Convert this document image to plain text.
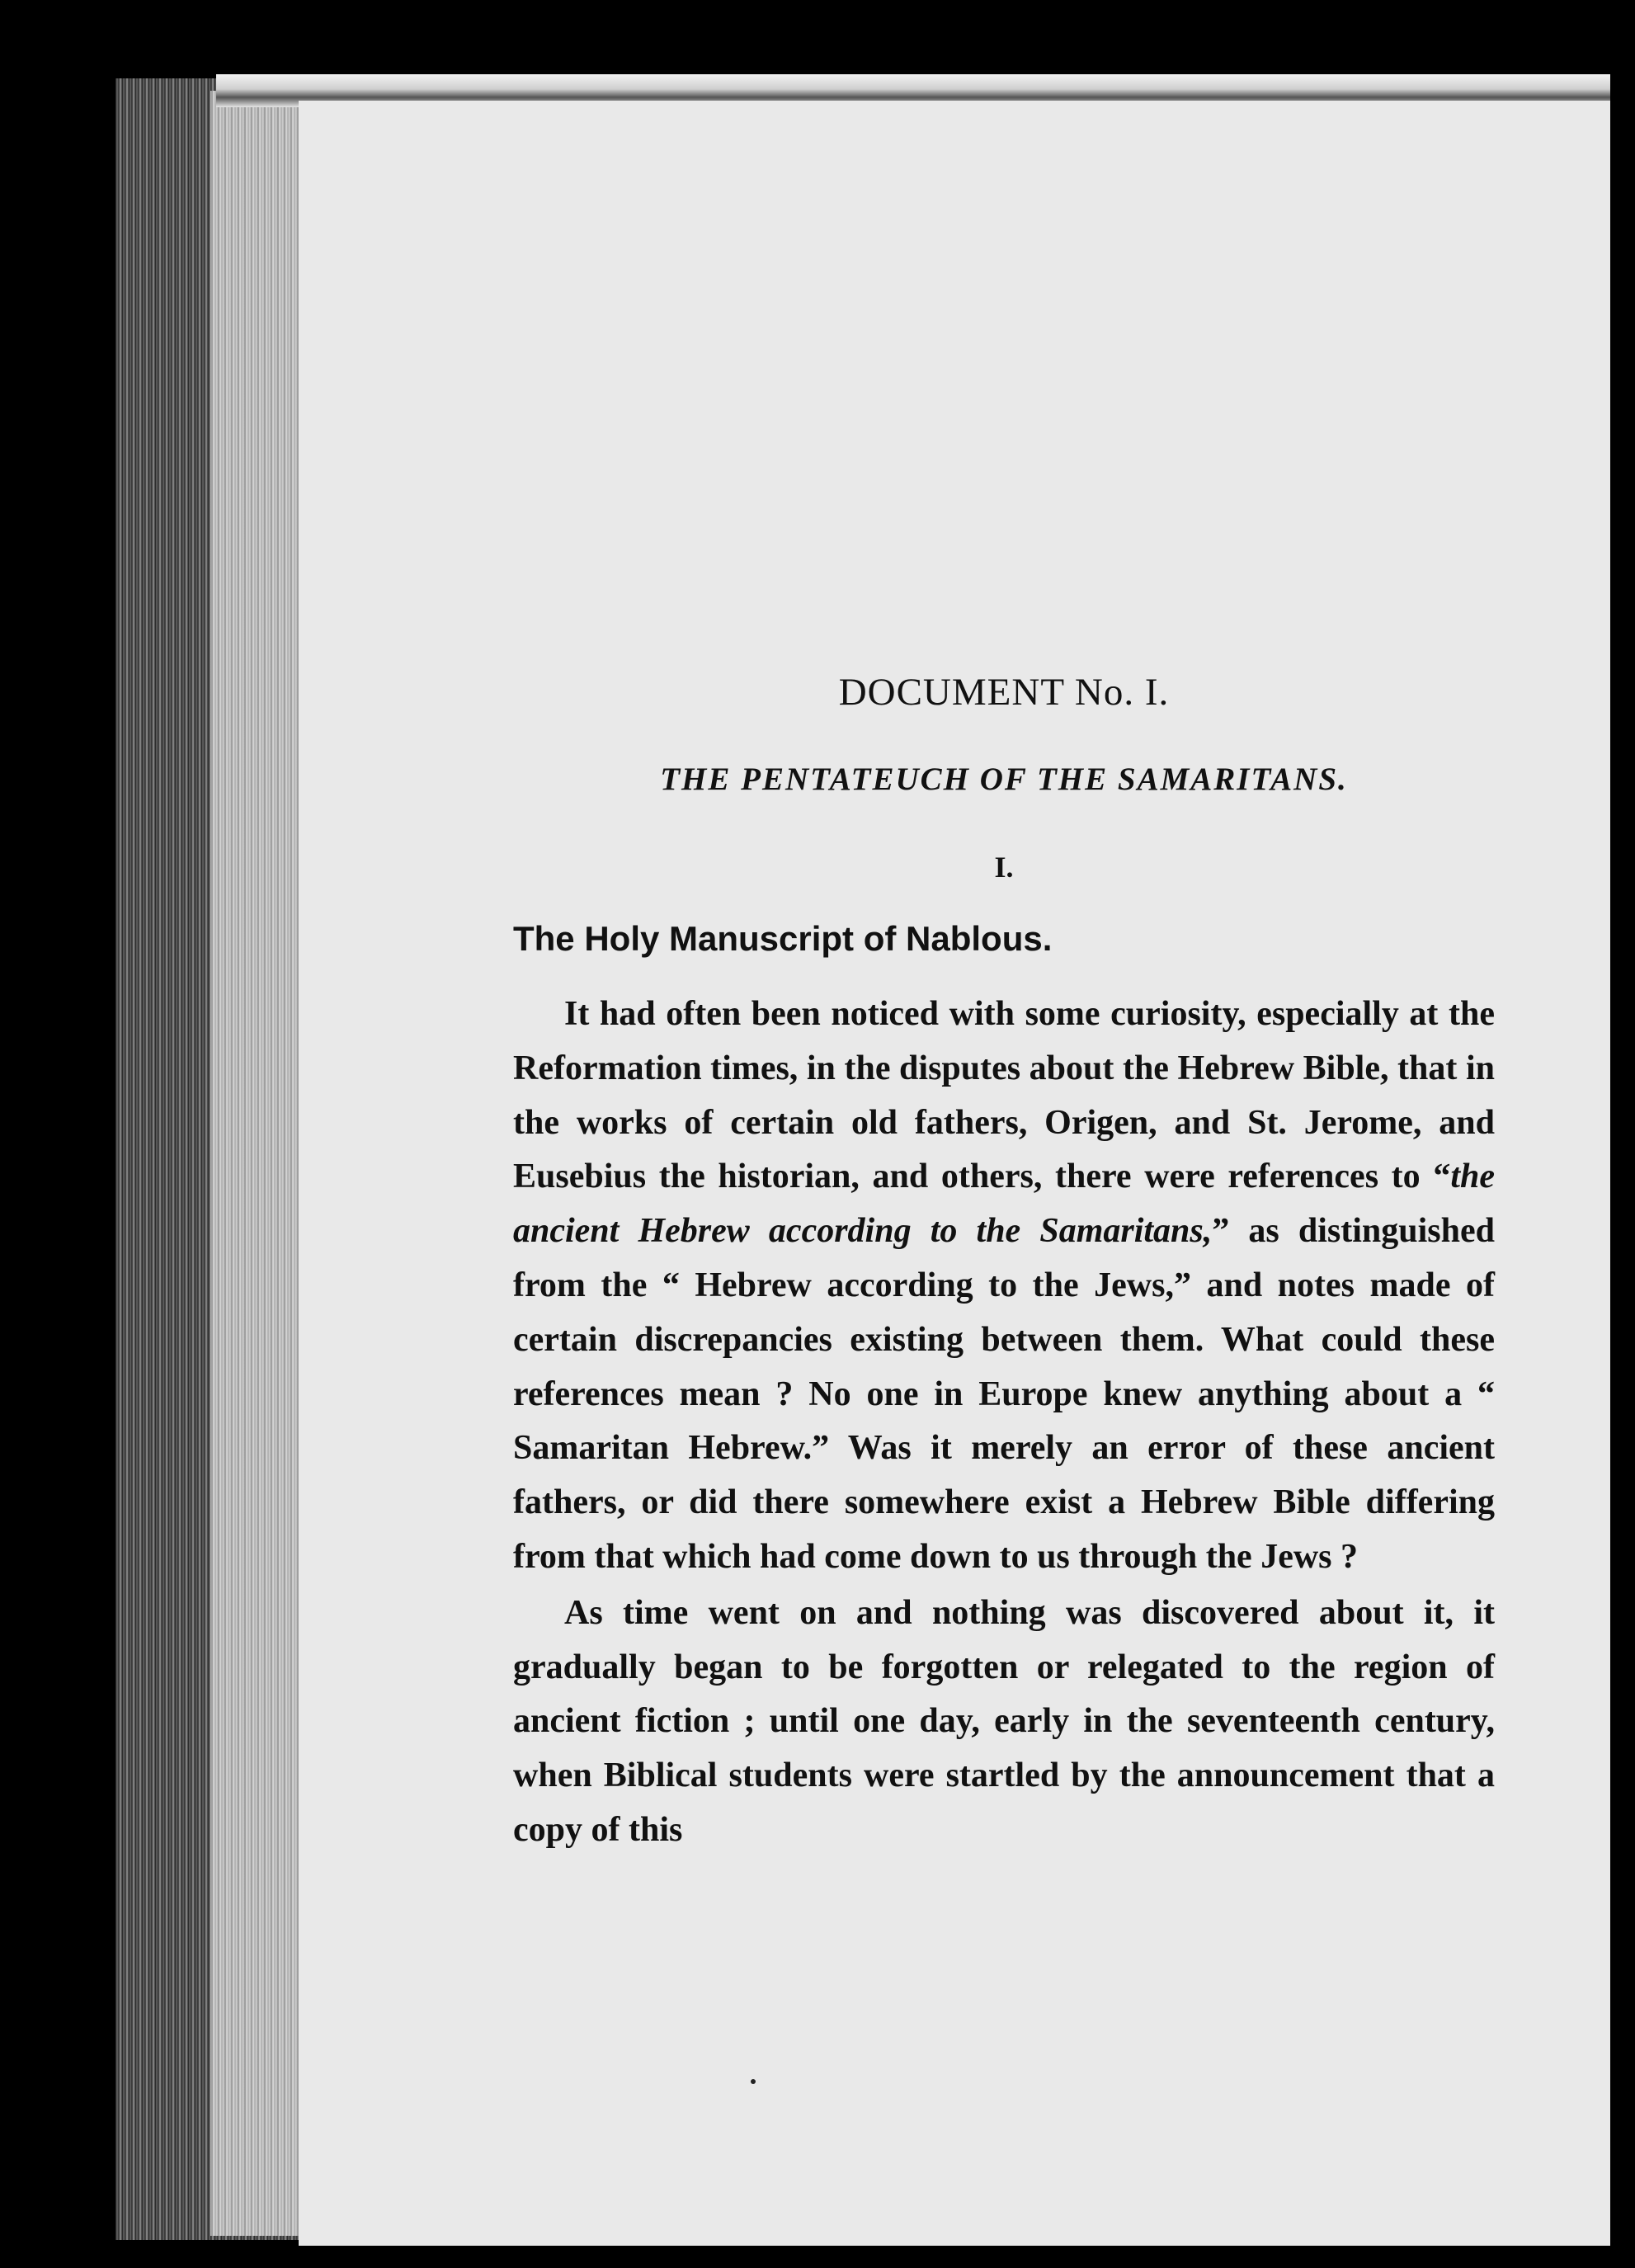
DOCUMENT No. I.
THE PENTATEUCH OF THE SAMARITANS.
I.
The Holy Manuscript of Nablous.

It had often been noticed with some curiosity, especially at the Reformation times, in the disputes about the Hebrew Bible, that in the works of certain old fathers, Origen, and St. Jerome, and Eusebius the historian, and others, there were references to “the ancient Hebrew according to the Samaritans,” as distinguished from the “ Hebrew according to the Jews,” and notes made of certain discrepancies existing between them. What could these references mean ? No one in Europe knew anything about a “ Samaritan Hebrew.” Was it merely an error of these ancient fathers, or did there somewhere exist a Hebrew Bible differing from that which had come down to us through the Jews ?

As time went on and nothing was discovered about it, it gradually began to be forgotten or relegated to the region of ancient fiction ; until one day, early in the seventeenth century, when Biblical students were startled by the announcement that a copy of this
